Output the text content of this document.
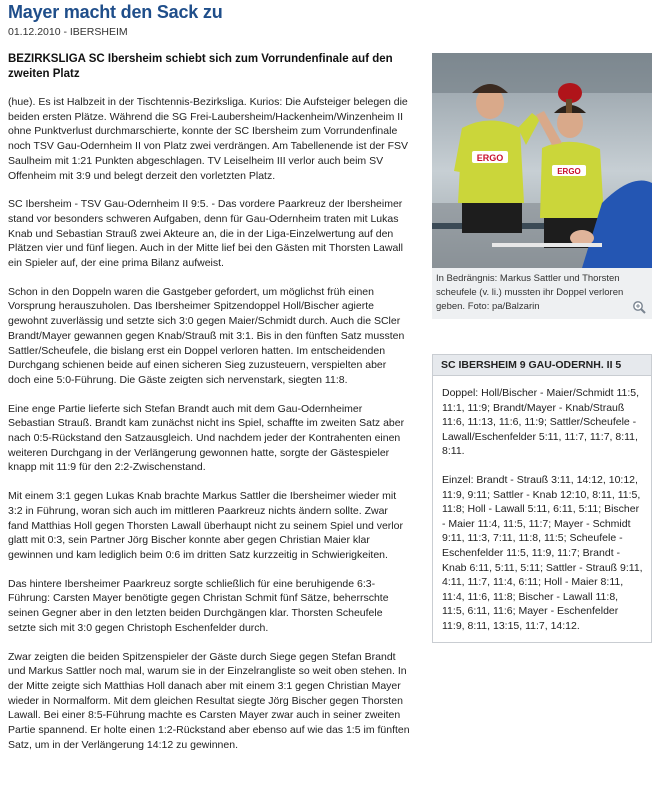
Mayer macht den Sack zu
01.12.2010 - IBERSHEIM
BEZIRKSLIGA SC Ibersheim schiebt sich zum Vorrundenfinale auf den zweiten Platz

(hue). Es ist Halbzeit in der Tischtennis-Bezirksliga. Kurios: Die Aufsteiger belegen die beiden ersten Plätze. Während die SG Frei-Laubersheim/Hackenheim/Winzenheim II ohne Punktverlust durchmarschierte, konnte der SC Ibersheim zum Vorrundenfinale noch TSV Gau-Odernheim II von Platz zwei verdrängen. Am Tabellenende ist der FSV Saulheim mit 1:21 Punkten abgeschlagen. TV Leiselheim III verlor auch beim SV Offenheim mit 3:9 und belegt derzeit den vorletzten Platz.

SC Ibersheim - TSV Gau-Odernheim II 9:5. - Das vordere Paarkreuz der Ibersheimer stand vor besonders schweren Aufgaben, denn für Gau-Odernheim traten mit Lukas Knab und Sebastian Strauß zwei Akteure an, die in der Liga-Einzelwertung auf den Plätzen vier und fünf liegen. Auch in der Mitte lief bei den Gästen mit Thorsten Lawall ein Spieler auf, der eine prima Bilanz aufweist.

Schon in den Doppeln waren die Gastgeber gefordert, um möglichst früh einen Vorsprung herauszuholen. Das Ibersheimer Spitzendoppel Holl/Bischer agierte gewohnt zuverlässig und setzte sich 3:0 gegen Maier/Schmidt durch. Auch die SCler Brandt/Mayer gewannen gegen Knab/Strauß mit 3:1. Bis in den fünften Satz mussten Sattler/Scheufele, die bislang erst ein Doppel verloren hatten. Im entscheidenden Durchgang schienen beide auf einen sicheren Sieg zuzusteuern, verspielten aber doch eine 5:0-Führung. Die Gäste zeigten sich nervenstark, siegten 11:8.

Eine enge Partie lieferte sich Stefan Brandt auch mit dem Gau-Odernheimer Sebastian Strauß. Brandt kam zunächst nicht ins Spiel, schaffte im zweiten Satz aber nach 0:5-Rückstand den Satzausgleich. Und nachdem jeder der Kontrahenten einen weiteren Durchgang in der Verlängerung gewonnen hatte, sorgte der Gästespieler knapp mit 11:9 für den 2:2-Zwischenstand.

Mit einem 3:1 gegen Lukas Knab brachte Markus Sattler die Ibersheimer wieder mit 3:2 in Führung, woran sich auch im mittleren Paarkreuz nichts ändern sollte. Zwar fand Matthias Holl gegen Thorsten Lawall überhaupt nicht zu seinem Spiel und verlor glatt mit 0:3, sein Partner Jörg Bischer konnte aber gegen Christian Maier klar gewinnen und kam lediglich beim 0:6 im dritten Satz kurzzeitig in Schwierigkeiten.

Das hintere Ibersheimer Paarkreuz sorgte schließlich für eine beruhigende 6:3-Führung: Carsten Mayer benötigte gegen Christan Schmit fünf Sätze, beherrschte seinen Gegner aber in den letzten beiden Durchgängen klar. Thorsten Scheufele setzte sich mit 3:0 gegen Christoph Eschenfelder durch.

Zwar zeigten die beiden Spitzenspieler der Gäste durch Siege gegen Stefan Brandt und Markus Sattler noch mal, warum sie in der Einzelrangliste so weit oben stehen. In der Mitte zeigte sich Matthias Holl danach aber mit einem 3:1 gegen Christian Mayer wieder in Normalform. Mit dem gleichen Resultat siegte Jörg Bischer gegen Thorsten Lawall. Bei einer 8:5-Führung machte es Carsten Mayer zwar auch in seiner zweiten Partie spannend. Er holte einen 1:2-Rückstand aber ebenso auf wie das 1:5 im fünften Satz, um in der Verlängerung 14:12 zu gewinnen.

ERGO
ERGO
In Bedrängnis: Markus Sattler und Thorsten scheufele (v. li.) mussten ihr Doppel verloren geben. Foto: pa/Balzarin
SC IBERSHEIM 9 GAU-ODERNH. II 5

Doppel: Holl/Bischer - Maier/Schmidt 11:5, 11:1, 11:9; Brandt/Mayer - Knab/Strauß 11:6, 11:13, 11:6, 11:9; Sattler/Scheufele - Lawall/Eschenfelder 5:11, 11:7, 11:7, 8:11, 8:11.

Einzel: Brandt - Strauß 3:11, 14:12, 10:12, 11:9, 9:11; Sattler - Knab 12:10, 8:11, 11:5, 11:8; Holl - Lawall 5:11, 6:11, 5:11; Bischer - Maier 11:4, 11:5, 11:7; Mayer - Schmidt 9:11, 11:3, 7:11, 11:8, 11:5; Scheufele - Eschenfelder 11:5, 11:9, 11:7; Brandt - Knab 6:11, 5:11, 5:11; Sattler - Strauß 9:11, 4:11, 11:7, 11:4, 6:11; Holl - Maier 8:11, 11:4, 11:6, 11:8; Bischer - Lawall 11:8, 11:5, 6:11, 11:6; Mayer - Eschenfelder 11:9, 8:11, 13:15, 11:7, 14:12.
